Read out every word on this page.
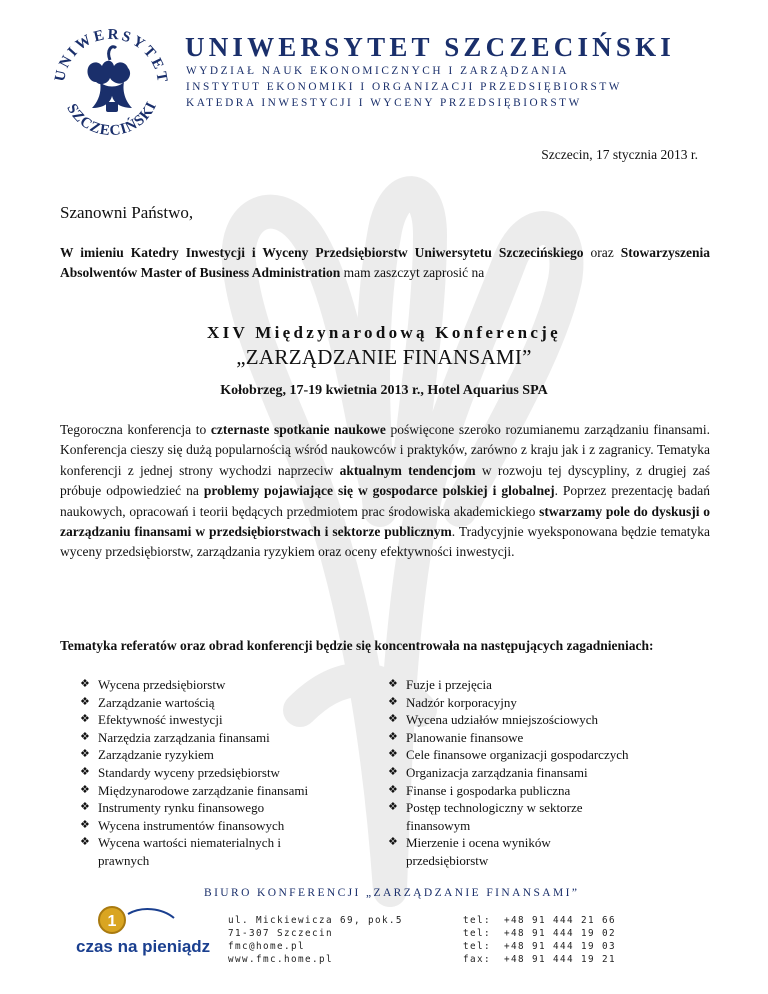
UNIWERSYTET
SZCZECIŃSKI
UNIWERSYTET SZCZECIŃSKI
WYDZIAŁ NAUK EKONOMICZNYCH I ZARZĄDZANIA
INSTYTUT EKONOMIKI I ORGANIZACJI PRZEDSIĘBIORSTW
KATEDRA INWESTYCJI I WYCENY PRZEDSIĘBIORSTW
Szczecin, 17 stycznia 2013 r.
Szanowni Państwo,
W imieniu Katedry Inwestycji i Wyceny Przedsiębiorstw Uniwersytetu Szczecińskiego oraz Stowarzyszenia Absolwentów Master of Business Administration mam zaszczyt zaprosić na
XIV Międzynarodową Konferencję
„ZARZĄDZANIE FINANSAMI”
Kołobrzeg, 17-19 kwietnia 2013 r., Hotel Aquarius SPA
Tegoroczna konferencja to czternaste spotkanie naukowe poświęcone szeroko rozumianemu zarządzaniu finansami. Konferencja cieszy się dużą popularnością wśród naukowców i praktyków, zarówno z kraju jak i z zagranicy. Tematyka konferencji z jednej strony wychodzi naprzeciw aktualnym tendencjom w rozwoju tej dyscypliny, z drugiej zaś próbuje odpowiedzieć na problemy pojawiające się w gospodarce polskiej i globalnej. Poprzez prezentację badań naukowych, opracowań i teorii będących przedmiotem prac środowiska akademickiego stwarzamy pole do dyskusji o zarządzaniu finansami w przedsiębiorstwach i sektorze publicznym. Tradycyjnie wyeksponowana będzie tematyka wyceny przedsiębiorstw, zarządzania ryzykiem oraz oceny efektywności inwestycji.
Tematyka referatów oraz obrad konferencji będzie się koncentrowała na następujących zagadnieniach:
❖ Wycena przedsiębiorstw
❖ Zarządzanie wartością
❖ Efektywność inwestycji
❖ Narzędzia zarządzania finansami
❖ Zarządzanie ryzykiem
❖ Standardy wyceny przedsiębiorstw
❖ Międzynarodowe zarządzanie finansami
❖ Instrumenty rynku finansowego
❖ Wycena instrumentów finansowych
❖ Wycena wartości niematerialnych i prawnych
❖ Fuzje i przejęcia
❖ Nadzór korporacyjny
❖ Wycena udziałów mniejszościowych
❖ Planowanie finansowe
❖ Cele finansowe organizacji gospodarczych
❖ Organizacja zarządzania finansami
❖ Finanse i gospodarka publiczna
❖ Postęp technologiczny w sektorze finansowym
❖ Mierzenie i ocena wyników przedsiębiorstw
BIURO KONFERENCJI „ZARZĄDZANIE FINANSAMI”
ul. Mickiewicza 69, pok.5
71-307 Szczecin
fmc@home.pl
www.fmc.home.pl
tel: +48 91 444 21 66
tel: +48 91 444 19 02
tel: +48 91 444 19 03
fax: +48 91 444 19 21
1
czas na pieniądz
